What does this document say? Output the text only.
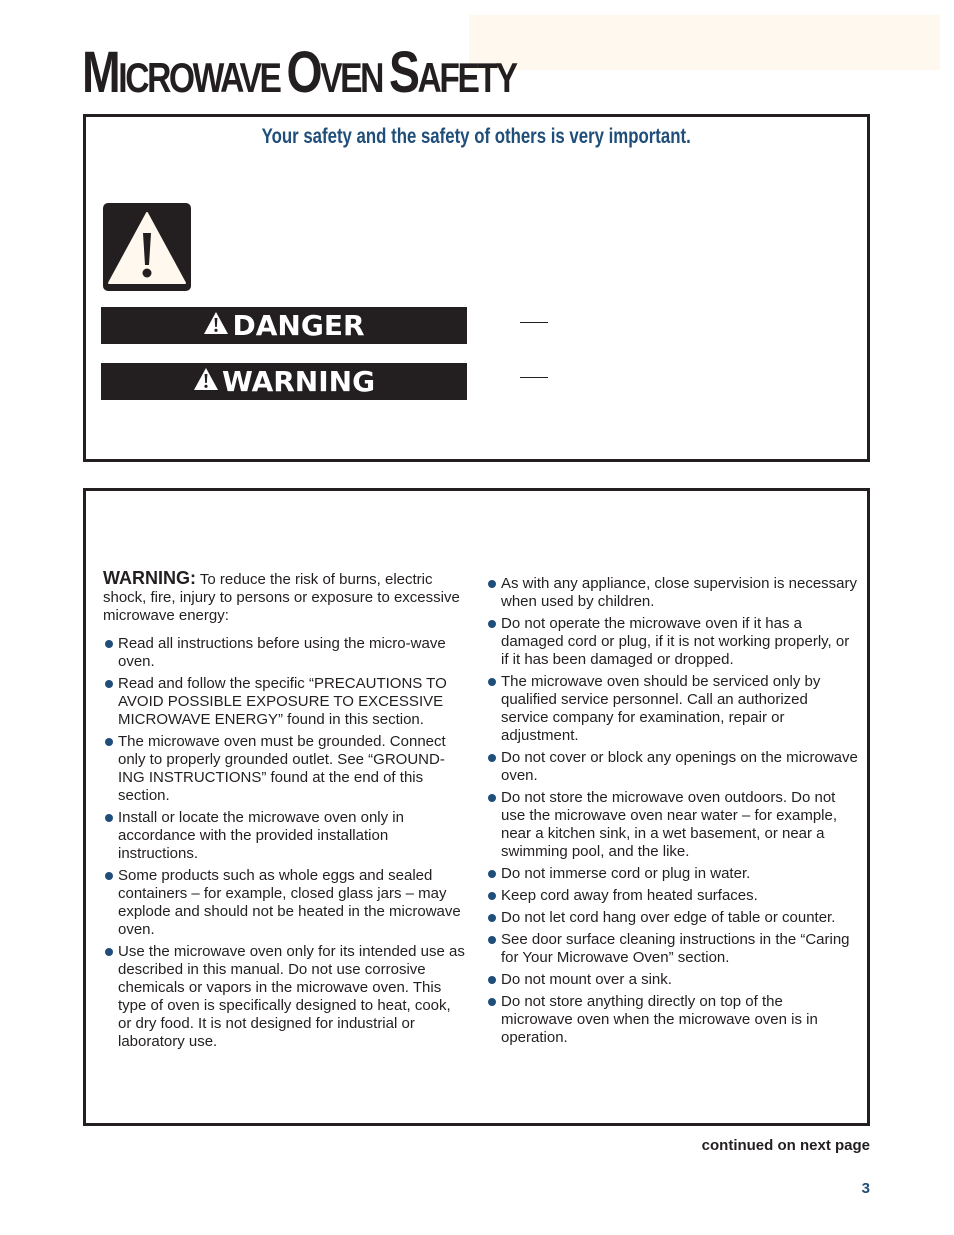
MICROWAVE OVEN SAFETY
Your safety and the safety of others is very important.
DANGER
WARNING
WARNING: To reduce the risk of burns, electric shock, fire, injury to persons or exposure to excessive microwave energy:
Read all instructions before using the micro-wave oven.
Read and follow the specific “PRECAUTIONS TO AVOID POSSIBLE EXPOSURE TO EXCESSIVE MICROWAVE ENERGY” found in this section.
The microwave oven must be grounded. Connect only to properly grounded outlet. See “GROUND-ING INSTRUCTIONS” found at the end of this section.
Install or locate the microwave oven only in accordance with the provided installation instructions.
Some products such as whole eggs and sealed containers – for example, closed glass jars – may explode and should not be heated in the microwave oven.
Use the microwave oven only for its intended use as described in this manual. Do not use corrosive chemicals or vapors in the microwave oven. This type of oven is specifically designed to heat, cook, or dry food. It is not designed for industrial or laboratory use.
As with any appliance, close supervision is necessary when used by children.
Do not operate the microwave oven if it has a damaged cord or plug, if it is not working properly, or if it has been damaged or dropped.
The microwave oven should be serviced only by qualified service personnel. Call an authorized service company for examination, repair or adjustment.
Do not cover or block any openings on the microwave oven.
Do not store the microwave oven outdoors. Do not use the microwave oven near water – for example, near a kitchen sink, in a wet basement, or near a swimming pool, and the like.
Do not immerse cord or plug in water.
Keep cord away from heated surfaces.
Do not let cord hang over edge of table or counter.
See door surface cleaning instructions in the “Caring for Your Microwave Oven” section.
Do not mount over a sink.
Do not store anything directly on top of the microwave oven when the microwave oven is in operation.
continued on next page
3
